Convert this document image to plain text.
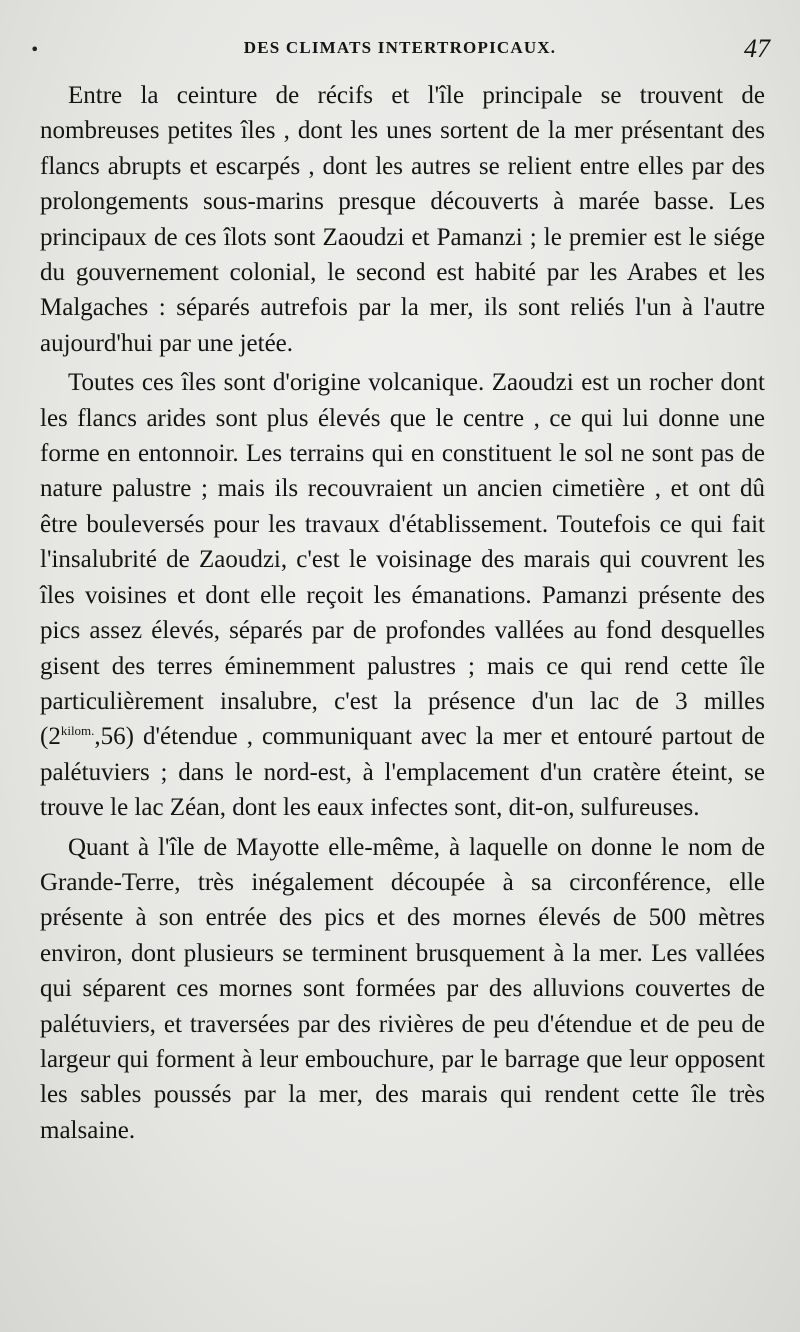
•	DES CLIMATS INTERTROPICAUX.	47

Entre la ceinture de récifs et l'île principale se trouvent de nombreuses petites îles , dont les unes sortent de la mer présentant des flancs abrupts et escarpés , dont les autres se relient entre elles par des prolongements sous-marins presque découverts à marée basse. Les principaux de ces îlots sont Zaoudzi et Pamanzi ; le premier est le siége du gouvernement colonial, le second est habité par les Arabes et les Malgaches : séparés autrefois par la mer, ils sont reliés l'un à l'autre aujourd'hui par une jetée.

Toutes ces îles sont d'origine volcanique. Zaoudzi est un rocher dont les flancs arides sont plus élevés que le centre , ce qui lui donne une forme en entonnoir. Les terrains qui en constituent le sol ne sont pas de nature palustre ; mais ils recouvraient un ancien cimetière , et ont dû être bouleversés pour les travaux d'établissement. Toutefois ce qui fait l'insalubrité de Zaoudzi, c'est le voisinage des marais qui couvrent les îles voisines et dont elle reçoit les émanations. Pamanzi présente des pics assez élevés, séparés par de profondes vallées au fond desquelles gisent des terres éminemment palustres ; mais ce qui rend cette île particulièrement insalubre, c'est la présence d'un lac de 3 milles $(2^{kilom.},56)$ d'étendue , communiquant avec la mer et entouré partout de palétuviers ; dans le nord-est, à l'emplacement d'un cratère éteint, se trouve le lac Zéan, dont les eaux infectes sont, dit-on, sulfureuses.

Quant à l'île de Mayotte elle-même, à laquelle on donne le nom de Grande-Terre, très inégalement découpée à sa circonférence, elle présente à son entrée des pics et des mornes élevés de 500 mètres environ, dont plusieurs se terminent brusquement à la mer. Les vallées qui séparent ces mornes sont formées par des alluvions couvertes de palétuviers, et traversées par des rivières de peu d'étendue et de peu de largeur qui forment à leur embouchure, par le barrage que leur opposent les sables poussés par la mer, des marais qui rendent cette île très malsaine.
